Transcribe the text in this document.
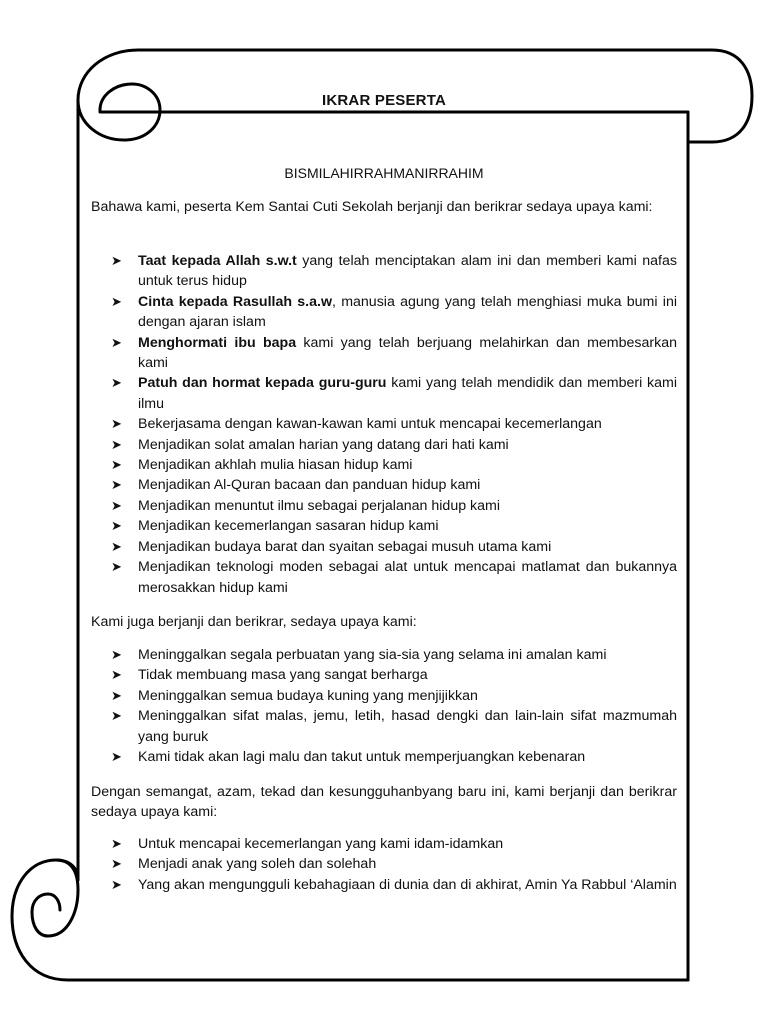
IKRAR PESERTA
BISMILAHIRRAHMANIRRAHIM

Bahawa kami, peserta Kem Santai Cuti Sekolah berjanji dan berikrar sedaya upaya kami:

➤ Taat kepada Allah s.w.t yang telah menciptakan alam ini dan memberi kami nafas untuk terus hidup
➤ Cinta kepada Rasullah s.a.w, manusia agung yang telah menghiasi muka bumi ini dengan ajaran islam
➤ Menghormati ibu bapa kami yang telah berjuang melahirkan dan membesarkan kami
➤ Patuh dan hormat kepada guru-guru kami yang telah mendidik dan memberi kami ilmu
➤ Bekerjasama dengan kawan-kawan kami untuk mencapai kecemerlangan
➤ Menjadikan solat amalan harian yang datang dari hati kami
➤ Menjadikan akhlah mulia hiasan hidup kami
➤ Menjadikan Al-Quran bacaan dan panduan hidup kami
➤ Menjadikan menuntut ilmu sebagai perjalanan hidup kami
➤ Menjadikan kecemerlangan sasaran hidup kami
➤ Menjadikan budaya barat dan syaitan sebagai musuh utama kami
➤ Menjadikan teknologi moden sebagai alat untuk mencapai matlamat dan bukannya merosakkan hidup kami

Kami juga berjanji dan berikrar, sedaya upaya kami:

➤ Meninggalkan segala perbuatan yang sia-sia yang selama ini amalan kami
➤ Tidak membuang masa yang sangat berharga
➤ Meninggalkan semua budaya kuning yang menjijikkan
➤ Meninggalkan sifat malas, jemu, letih, hasad dengki dan lain-lain sifat mazmumah yang buruk
➤ Kami tidak akan lagi malu dan takut untuk memperjuangkan kebenaran

Dengan semangat, azam, tekad dan kesungguhanbyang baru ini, kami berjanji dan berikrar sedaya upaya kami:

➤ Untuk mencapai kecemerlangan yang kami idam-idamkan
➤ Menjadi anak yang soleh dan solehah
➤ Yang akan mengungguli kebahagiaan di dunia dan di akhirat, Amin Ya Rabbul ‘Alamin
